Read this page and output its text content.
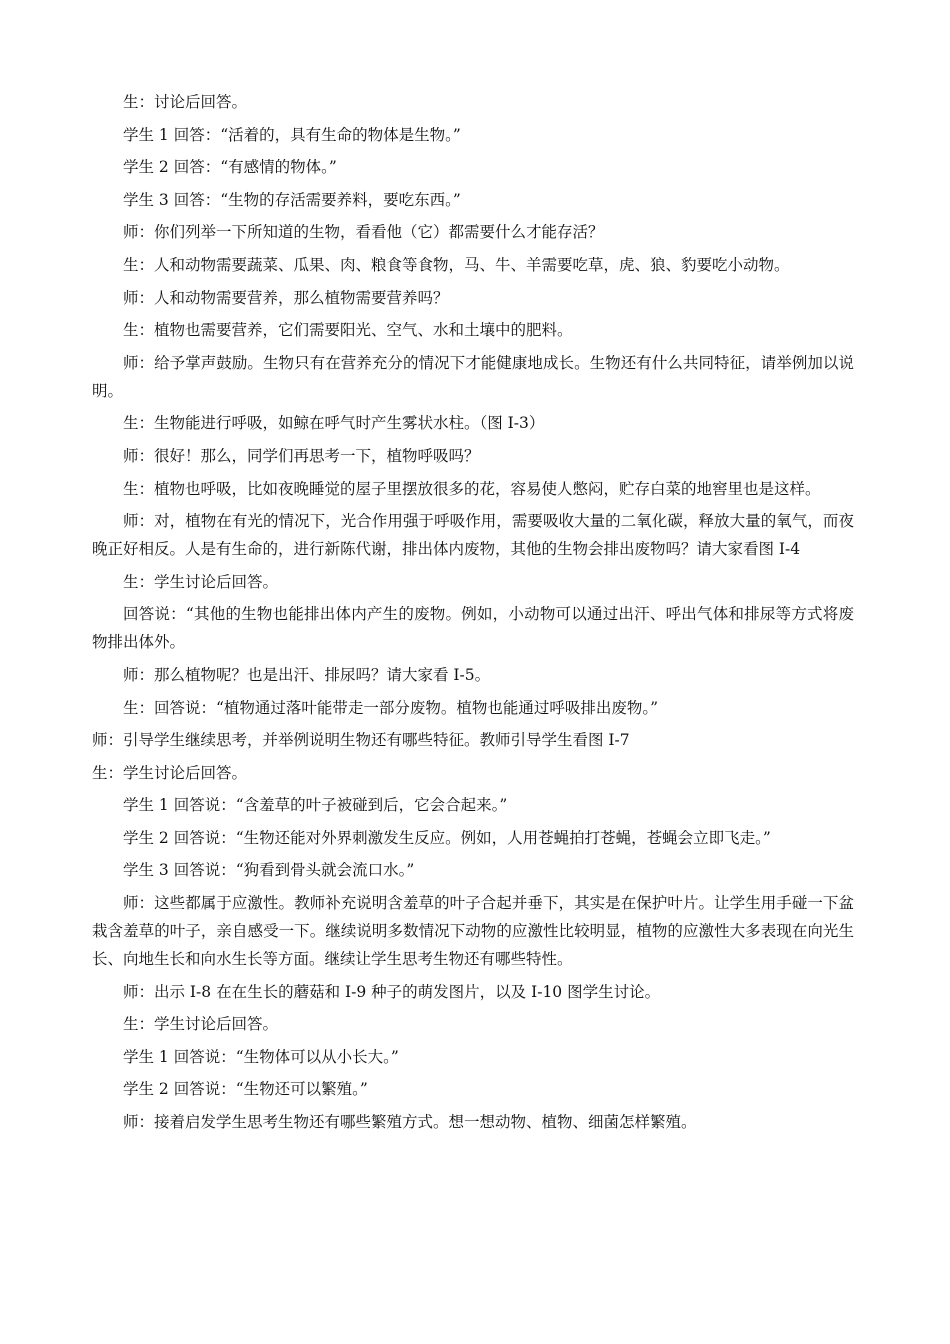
生：讨论后回答。

学生 1 回答：“活着的，具有生命的物体是生物。”

学生 2 回答：“有感情的物体。”

学生 3 回答：“生物的存活需要养料，要吃东西。”

师：你们列举一下所知道的生物，看看他（它）都需要什么才能存活？

生：人和动物需要蔬菜、瓜果、肉、粮食等食物，马、牛、羊需要吃草，虎、狼、豹要吃小动物。

师：人和动物需要营养，那么植物需要营养吗？

生：植物也需要营养，它们需要阳光、空气、水和土壤中的肥料。

师：给予掌声鼓励。生物只有在营养充分的情况下才能健康地成长。生物还有什么共同特征，请举例加以说明。

生：生物能进行呼吸，如鲸在呼气时产生雾状水柱。（图 I-3）

师：很好！那么，同学们再思考一下，植物呼吸吗？

生：植物也呼吸，比如夜晚睡觉的屋子里摆放很多的花，容易使人憋闷，贮存白菜的地窖里也是这样。

师：对，植物在有光的情况下，光合作用强于呼吸作用，需要吸收大量的二氧化碳，释放大量的氧气，而夜晚正好相反。人是有生命的，进行新陈代谢，排出体内废物，其他的生物会排出废物吗？请大家看图 I-4

生：学生讨论后回答。

回答说：“其他的生物也能排出体内产生的废物。例如，小动物可以通过出汗、呼出气体和排尿等方式将废物排出体外。

师：那么植物呢？也是出汗、排尿吗？请大家看 I-5。

生：回答说：“植物通过落叶能带走一部分废物。植物也能通过呼吸排出废物。”

师：引导学生继续思考，并举例说明生物还有哪些特征。教师引导学生看图 I-7

生：学生讨论后回答。

学生 1 回答说：“含羞草的叶子被碰到后，它会合起来。”

学生 2 回答说：“生物还能对外界刺激发生反应。例如，人用苍蝇拍打苍蝇，苍蝇会立即飞走。”

学生 3 回答说：“狗看到骨头就会流口水。”

师：这些都属于应激性。教师补充说明含羞草的叶子合起并垂下，其实是在保护叶片。让学生用手碰一下盆栽含羞草的叶子，亲自感受一下。继续说明多数情况下动物的应激性比较明显，植物的应激性大多表现在向光生长、向地生长和向水生长等方面。继续让学生思考生物还有哪些特性。

师：出示 I-8 在在生长的蘑菇和 I-9 种子的萌发图片，以及 I-10 图学生讨论。

生：学生讨论后回答。

学生 1 回答说：“生物体可以从小长大。”

学生 2 回答说：“生物还可以繁殖。”

师：接着启发学生思考生物还有哪些繁殖方式。想一想动物、植物、细菌怎样繁殖。
